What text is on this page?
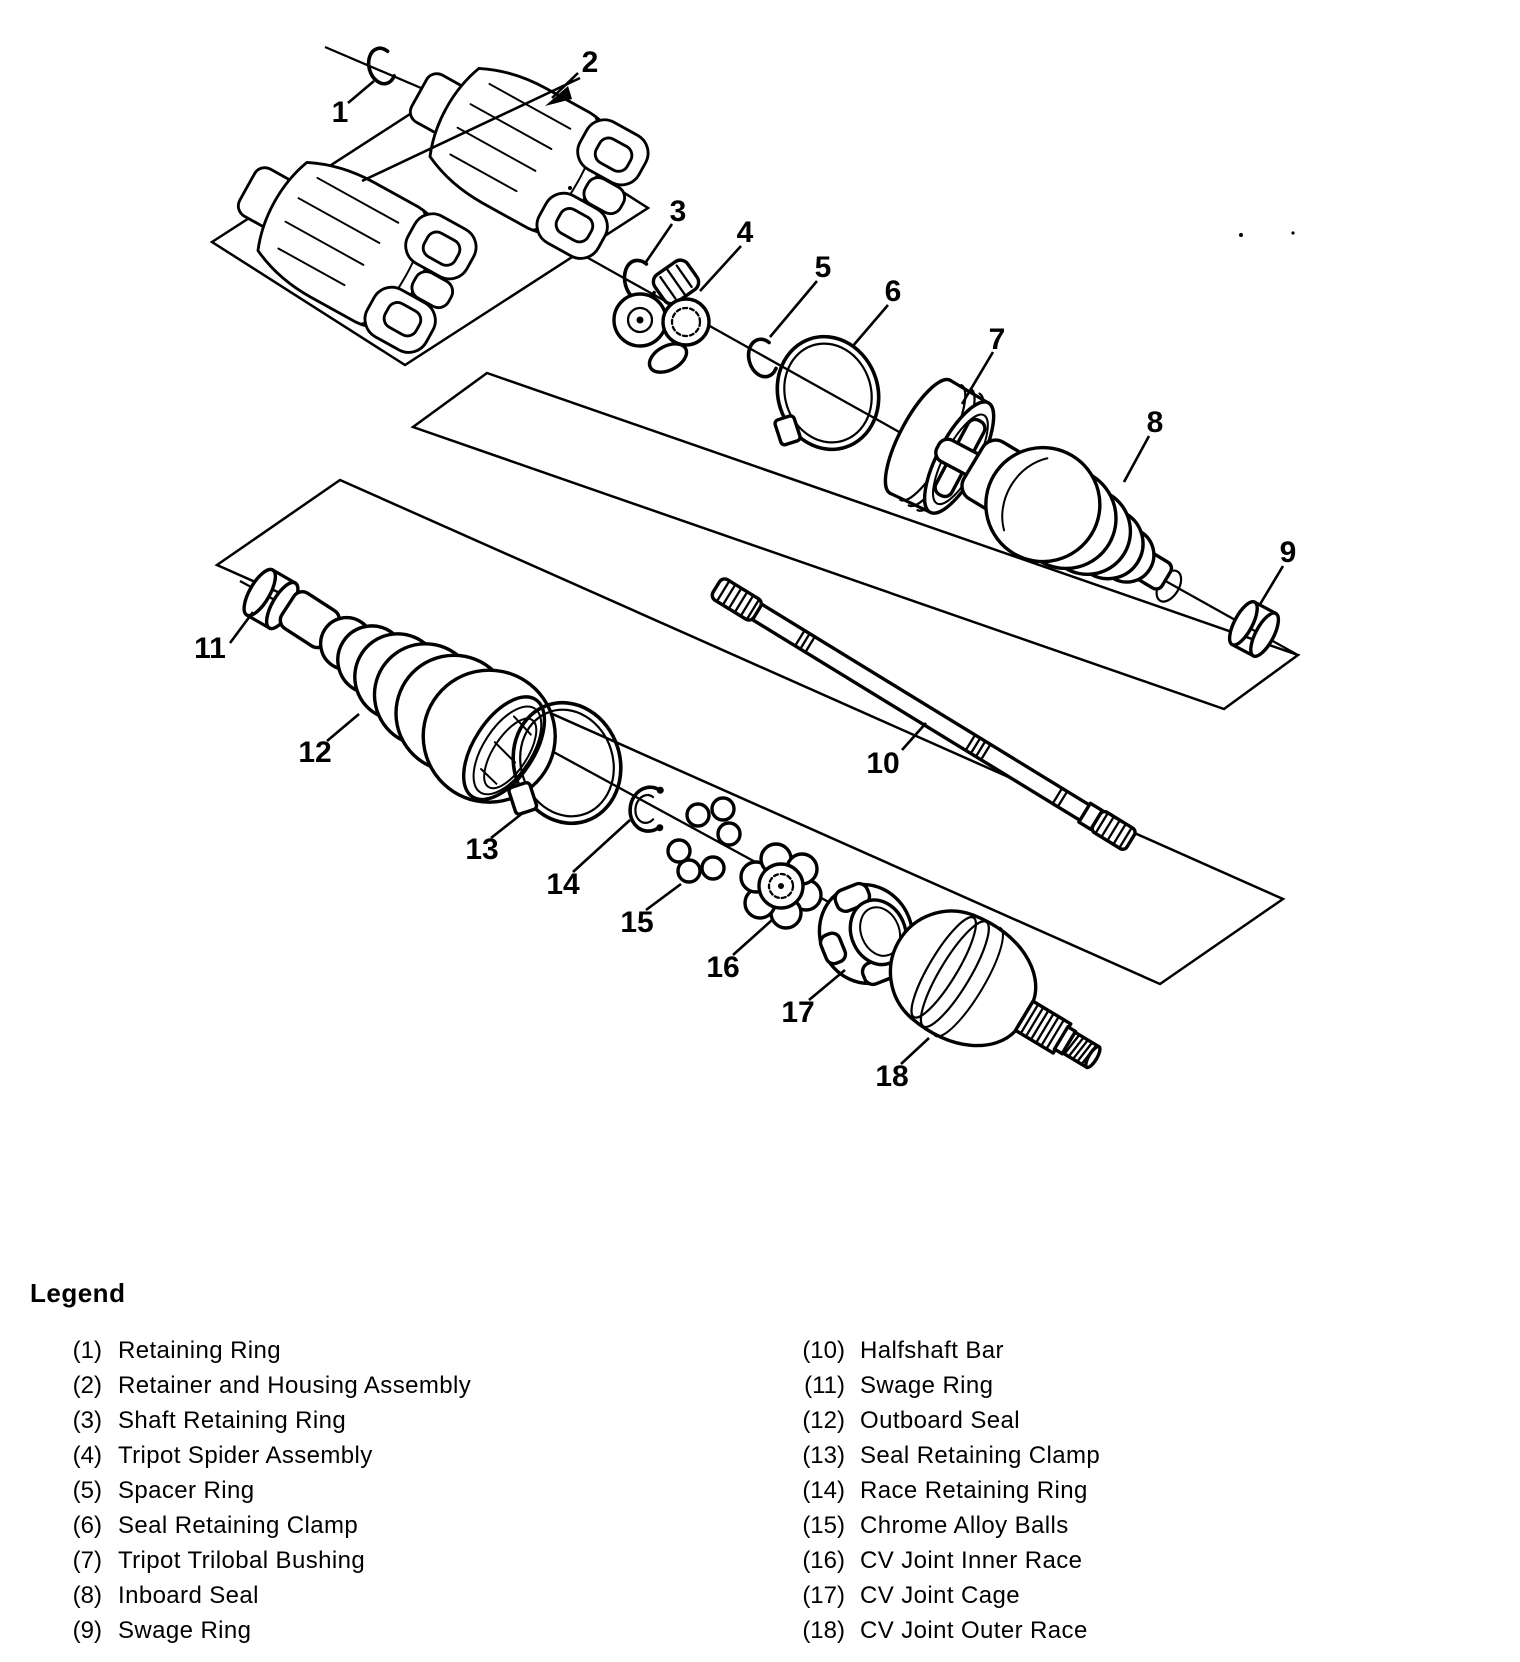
1
2
3
4
5
6
7
8
9
10
11
12
13
14
15
16
17
18
Legend
(1) Retaining Ring
(2) Retainer and Housing Assembly
(3) Shaft Retaining Ring
(4) Tripot Spider Assembly
(5) Spacer Ring
(6) Seal Retaining Clamp
(7) Tripot Trilobal Bushing
(8) Inboard Seal
(9) Swage Ring
(10) Halfshaft Bar
(11) Swage Ring
(12) Outboard Seal
(13) Seal Retaining Clamp
(14) Race Retaining Ring
(15) Chrome Alloy Balls
(16) CV Joint Inner Race
(17) CV Joint Cage
(18) CV Joint Outer Race
